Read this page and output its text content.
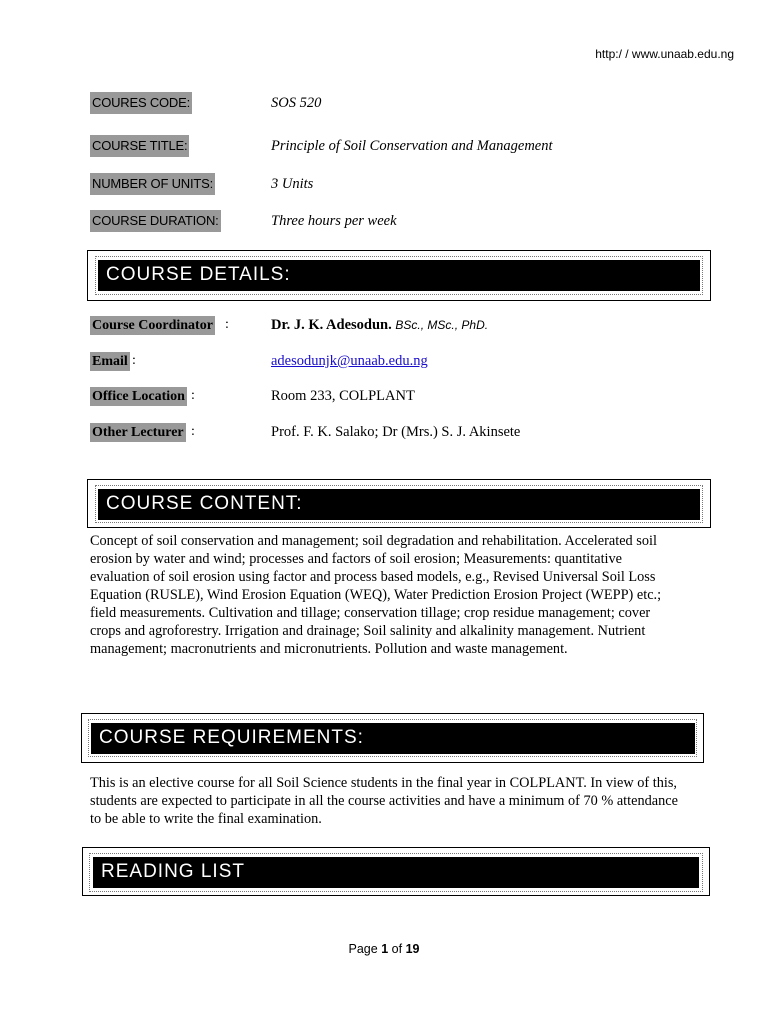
http:/ / www.unaab.edu.ng
COURES CODE:	SOS 520
COURSE TITLE:	Principle of Soil Conservation and Management
NUMBER OF UNITS:	3 Units
COURSE DURATION:	Three hours per week
COURSE DETAILS:
Course Coordinator :	Dr. J. K. Adesodun. BSc., MSc., PhD.
Email :	adesodunjk@unaab.edu.ng
Office Location :	Room 233, COLPLANT
Other Lecturer :	Prof. F. K. Salako; Dr (Mrs.) S. J. Akinsete
COURSE CONTENT:
Concept of soil conservation and management; soil degradation and rehabilitation. Accelerated soil erosion by water and wind; processes and factors of soil erosion; Measurements: quantitative evaluation of soil erosion using factor and process based models, e.g., Revised Universal Soil Loss Equation (RUSLE), Wind Erosion Equation (WEQ), Water Prediction Erosion Project (WEPP) etc.; field measurements. Cultivation and tillage; conservation tillage; crop residue management; cover crops and agroforestry. Irrigation and drainage; Soil salinity and alkalinity management. Nutrient management; macronutrients and micronutrients. Pollution and waste management.
COURSE REQUIREMENTS:
This is an elective course for all Soil Science students in the final year in COLPLANT. In view of this, students are expected to participate in all the course activities and have a minimum of 70 % attendance to be able to write the final examination.
READING LIST
Page 1 of 19
